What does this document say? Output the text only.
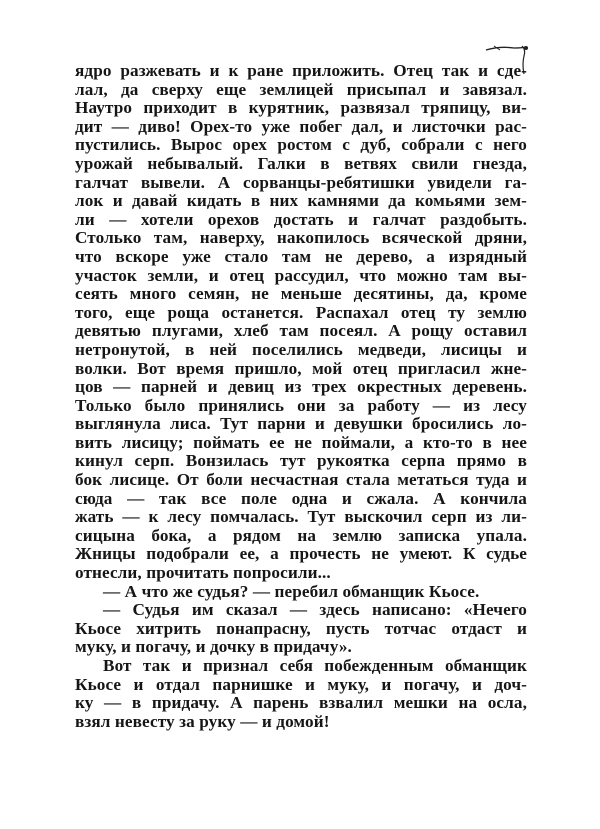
ядро разжевать и к ране приложить. Отец так и сде-
лал, да сверху еще землицей присыпал и завязал.
Наутро приходит в курятник, развязал тряпицу, ви-
дит — диво! Орех-то уже побег дал, и листочки рас-
пустились. Вырос орех ростом с дуб, собрали с него
урожай небывалый. Галки в ветвях свили гнезда,
галчат вывели. А сорванцы-ребятишки увидели га-
лок и давай кидать в них камнями да комьями зем-
ли — хотели орехов достать и галчат раздобыть.
Столько там, наверху, накопилось всяческой дряни,
что вскоре уже стало там не дерево, а изрядный
участок земли, и отец рассудил, что можно там вы-
сеять много семян, не меньше десятины, да, кроме
того, еще роща останется. Распахал отец ту землю
девятью плугами, хлеб там посеял. А рощу оставил
нетронутой, в ней поселились медведи, лисицы и
волки. Вот время пришло, мой отец пригласил жне-
цов — парней и девиц из трех окрестных деревень.
Только было принялись они за работу — из лесу
выглянула лиса. Тут парни и девушки бросились ло-
вить лисицу; поймать ее не поймали, а кто-то в нее
кинул серп. Вонзилась тут рукоятка серпа прямо в
бок лисице. От боли несчастная стала метаться туда и
сюда — так все поле одна и сжала. А кончила
жать — к лесу помчалась. Тут выскочил серп из ли-
сицына бока, а рядом на землю записка упала.
Жницы подобрали ее, а прочесть не умеют. К судье
отнесли, прочитать попросили...
— А что же судья? — перебил обманщик Кьосе.
— Судья им сказал — здесь написано: «Нечего
Кьосе хитрить понапрасну, пусть тотчас отдаст и
муку, и погачу, и дочку в придачу».
Вот так и признал себя побежденным обманщик
Кьосе и отдал парнишке и муку, и погачу, и доч-
ку — в придачу. А парень взвалил мешки на осла,
взял невесту за руку — и домой!
